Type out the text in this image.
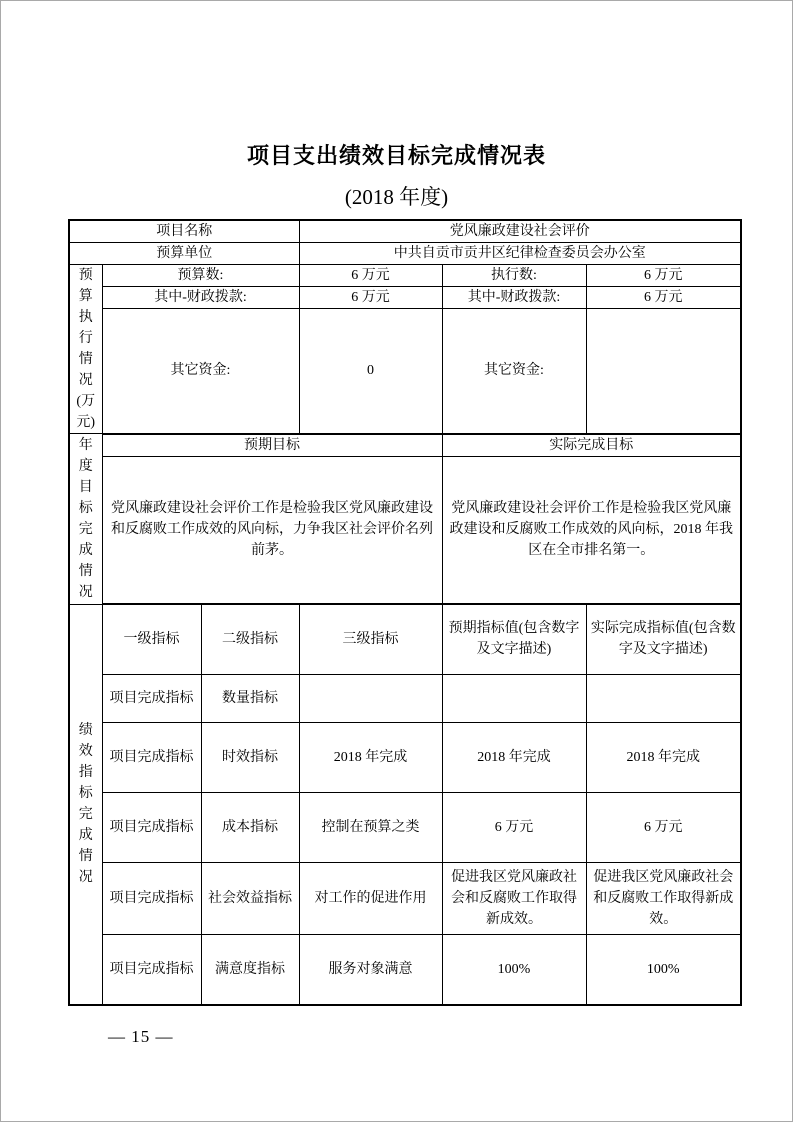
项目支出绩效目标完成情况表
(2018 年度)
项目名称			党风廉政建设社会评价		
预算单位			中共自贡市贡井区纪律检查委员会办公室		

预
算
执
行
情
况
(万
元)
	预算数:	6 万元	执行数:	6 万元
	其中-财政拨款:		6 万元	其中-财政拨款:	6 万元
	其它资金:		0	其它资金:	

年
度
目
标
完
成
情
况
	预期目标	实际完成目标
	党风廉政建设社会评价工作是检验我区党风廉政建设和反腐败工作成效的风向标，力争我区社会评价名列前茅。			党风廉政建设社会评价工作是检验我区党风廉政建设和反腐败工作成效的风向标，2018 年我区在全市排名第一。	

绩
效
指
标
完
成
情
况
	一级指标	二级指标	三级指标	预期指标值(包含数字及文字描述)	实际完成指标值(包含数字及文字描述)
	项目完成指标	数量指标			
	项目完成指标	时效指标	2018 年完成	2018 年完成	2018 年完成
	项目完成指标	成本指标	控制在预算之类	6 万元	6 万元
	项目完成指标	社会效益指标	对工作的促进作用	促进我区党风廉政社会和反腐败工作取得新成效。	促进我区党风廉政社会和反腐败工作取得新成效。
	项目完成指标	满意度指标	服务对象满意	100%	100%
— 15 —
